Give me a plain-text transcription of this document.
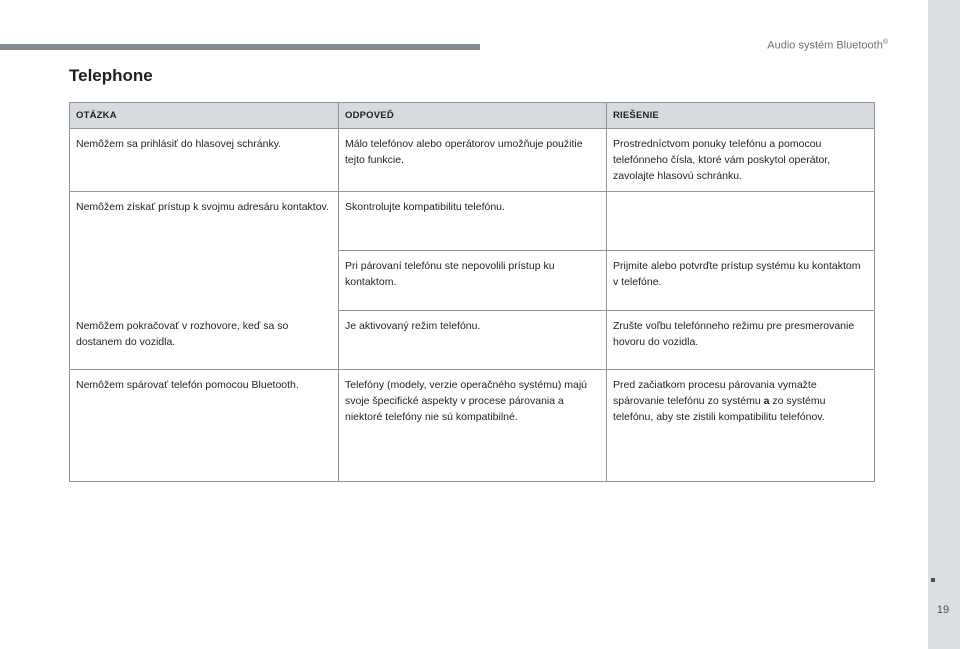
Audio systém Bluetooth®
Telephone
OTÁZKA	ODPOVEĎ	RIEŠENIE
Nemôžem sa prihlásiť do hlasovej schránky.	Málo telefónov alebo operátorov umožňuje použitie tejto funkcie.	Prostredníctvom ponuky telefónu a pomocou telefónneho čísla, ktoré vám poskytol operátor, zavolajte hlasovú schránku.
Nemôžem získať prístup k svojmu adresáru kontaktov.	Skontrolujte kompatibilitu telefónu.	
	Pri párovaní telefónu ste nepovolili prístup ku kontaktom.	Prijmite alebo potvrďte prístup systému ku kontaktom v telefóne.
Nemôžem pokračovať v rozhovore, keď sa so dostanem do vozidla.	Je aktivovaný režim telefónu.	Zrušte voľbu telefónneho režimu pre presmerovanie hovoru do vozidla.
Nemôžem spárovať telefón pomocou Bluetooth.	Telefóny (modely, verzie operačného systému) majú svoje špecifické aspekty v procese párovania a niektoré telefóny nie sú kompatibilné.	Pred začiatkom procesu párovania vymažte spárovanie telefónu zo systému a zo systému telefónu, aby ste zistili kompatibilitu telefónov.
19
